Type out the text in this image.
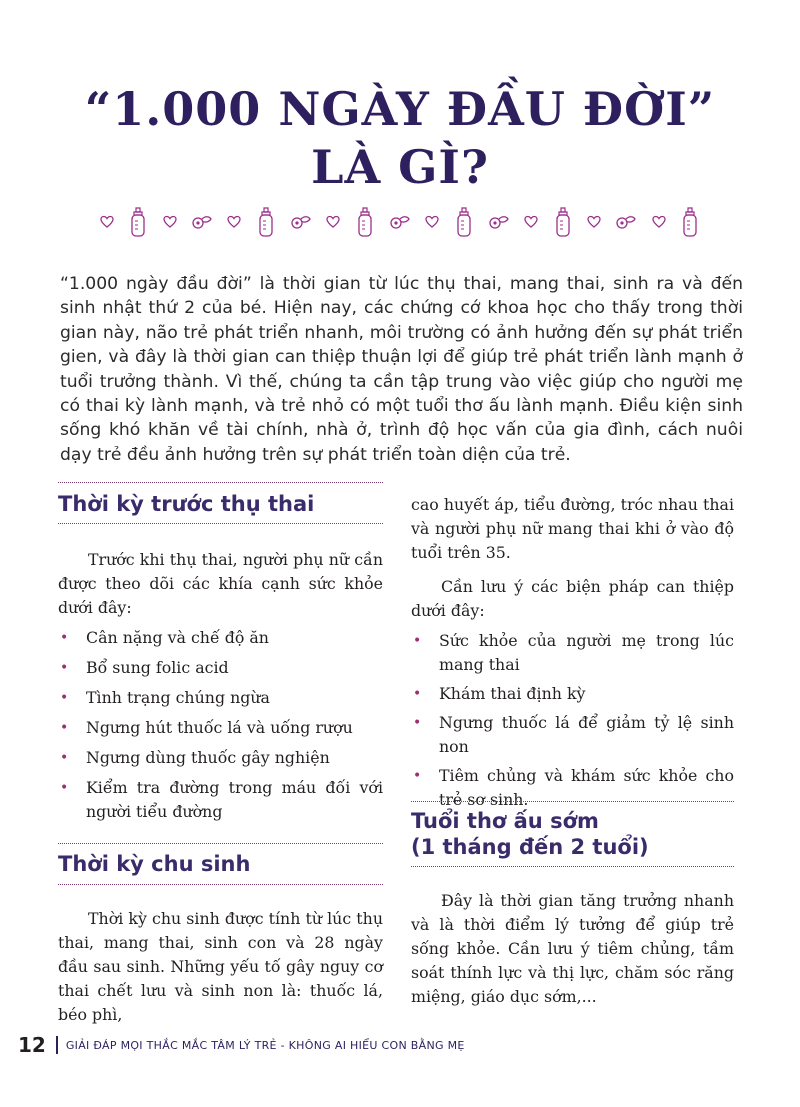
“1.000 NGÀY ĐẦU ĐỜI”
LÀ GÌ?

“1.000 ngày đầu đời” là thời gian từ lúc thụ thai, mang thai, sinh ra và đến sinh nhật thứ 2 của bé. Hiện nay, các chứng cớ khoa học cho thấy trong thời gian này, não trẻ phát triển nhanh, môi trường có ảnh hưởng đến sự phát triển gien, và đây là thời gian can thiệp thuận lợi để giúp trẻ phát triển lành mạnh ở tuổi trưởng thành. Vì thế, chúng ta cần tập trung vào việc giúp cho người mẹ có thai kỳ lành mạnh, và trẻ nhỏ có một tuổi thơ ấu lành mạnh. Điều kiện sinh sống khó khăn về tài chính, nhà ở, trình độ học vấn của gia đình, cách nuôi dạy trẻ đều ảnh hưởng trên sự phát triển toàn diện của trẻ.

Thời kỳ trước thụ thai

Trước khi thụ thai, người phụ nữ cần được theo dõi các khía cạnh sức khỏe dưới đây:

• Cân nặng và chế độ ăn
• Bổ sung folic acid
• Tình trạng chúng ngừa
• Ngưng hút thuốc lá và uống rượu
• Ngưng dùng thuốc gây nghiện
• Kiểm tra đường trong máu đối với người tiểu đường
Thời kỳ chu sinh

Thời kỳ chu sinh được tính từ lúc thụ thai, mang thai, sinh con và 28 ngày đầu sau sinh. Những yếu tố gây nguy cơ thai chết lưu và sinh non là: thuốc lá, béo phì,

cao huyết áp, tiểu đường, tróc nhau thai và người phụ nữ mang thai khi ở vào độ tuổi trên 35.

Cần lưu ý các biện pháp can thiệp dưới đây:

• Sức khỏe của người mẹ trong lúc mang thai
• Khám thai định kỳ
• Ngưng thuốc lá để giảm tỷ lệ sinh non
• Tiêm chủng và khám sức khỏe cho trẻ sơ sinh.
Tuổi thơ ấu sớm
(1 tháng đến 2 tuổi)

Đây là thời gian tăng trưởng nhanh và là thời điểm lý tưởng để giúp trẻ sống khỏe. Cần lưu ý tiêm chủng, tầm soát thính lực và thị lực, chăm sóc răng miệng, giáo dục sớm,...

12 GIẢI ĐÁP MỌI THẮC MẮC TÂM LÝ TRẺ - KHÔNG AI HIỂU CON BẰNG MẸ
